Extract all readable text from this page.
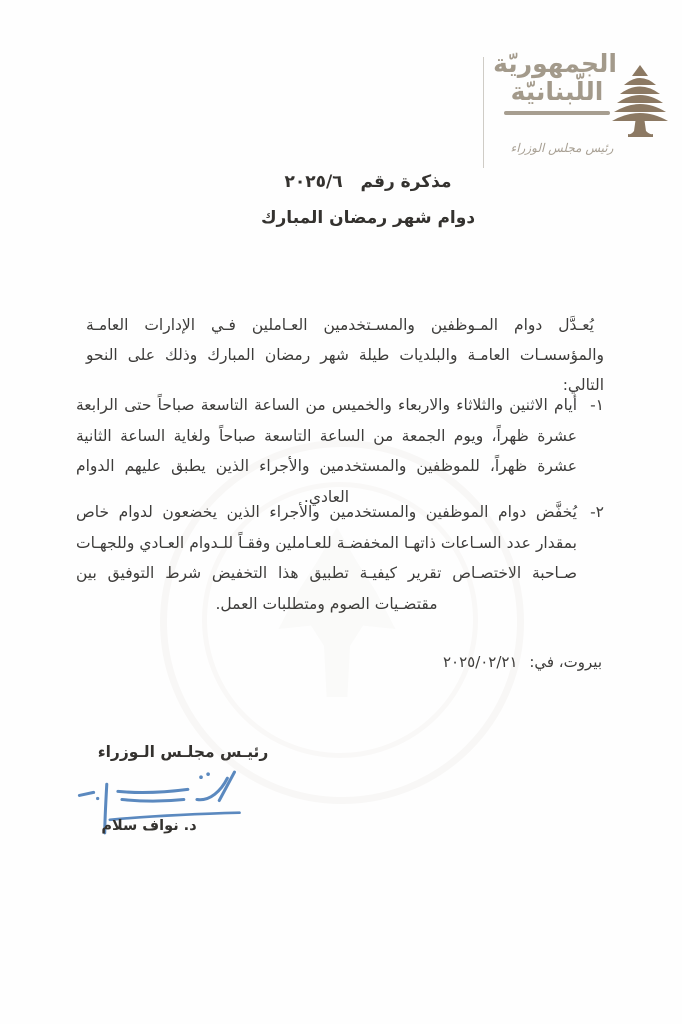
الجمهوريّة
اللّبنانيّة
رئيس مجلس الوزراء
مذكرة رقم ٢٠٢٥/٦
دوام شهر رمضان المبارك

يُعـدَّل دوام المـوظفين والمسـتخدمين العـاملين فـي الإدارات العامـة والمؤسسـات العامـة والبلديات طيلة شهر رمضان المبارك وذلك على النحو التالي:

١-
أيام الاثنين والثلاثاء والاربعاء والخميس من الساعة التاسعة صباحاً حتى الرابعة عشرة ظهراً، ويوم الجمعة من الساعة التاسعة صباحاً ولغاية الساعة الثانية عشرة ظهراً، للموظفين والمستخدمين والأجراء الذين يطبق عليهم الدوام العادي.
٢-
يُخفَّض دوام الموظفين والمستخدمين والأجراء الذين يخضعون لدوام خاص بمقدار عدد السـاعات ذاتهـا المخفضـة للعـاملين وفقـاً للـدوام العـادي وللجهـات صـاحبة الاختصـاص تقرير كيفيـة تطبيق هذا التخفيض شرط التوفيق بين مقتضـيات الصوم ومتطلبات العمل.
بيروت، في: ٢٠٢٥/٠٢/٢١
رئيـس مجلـس الـوزراء
د. نواف سلام
